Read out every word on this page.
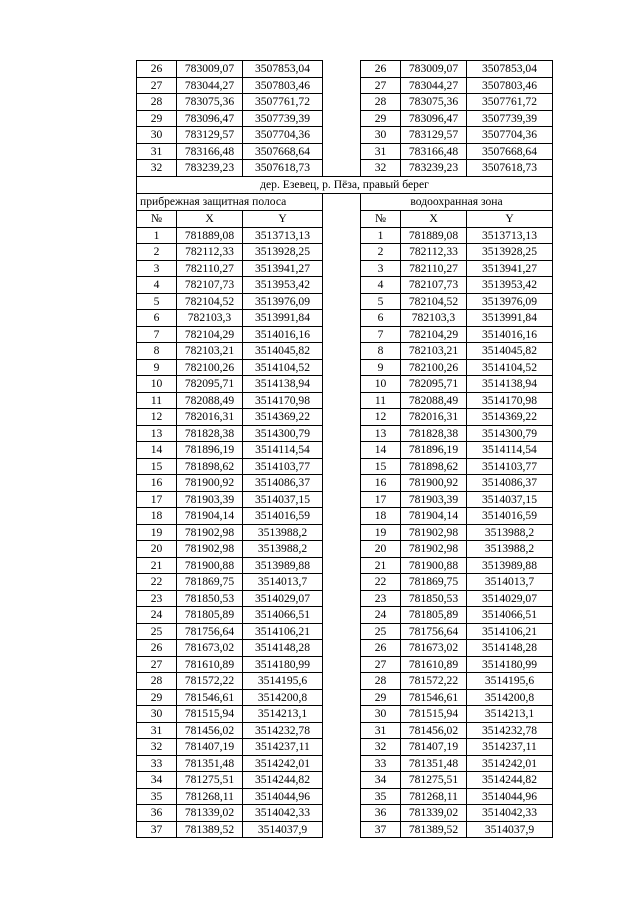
26	783009,07	3507853,04		26	783009,07	3507853,04
27	783044,27	3507803,46		27	783044,27	3507803,46
28	783075,36	3507761,72		28	783075,36	3507761,72
29	783096,47	3507739,39		29	783096,47	3507739,39
30	783129,57	3507704,36		30	783129,57	3507704,36
31	783166,48	3507668,64		31	783166,48	3507668,64
32	783239,23	3507618,73		32	783239,23	3507618,73
дер. Езевец, р. Пёза, правый берег						
прибрежная защитная полоса				водоохранная зона		
№	X	Y		№	X	Y
1	781889,08	3513713,13		1	781889,08	3513713,13
2	782112,33	3513928,25		2	782112,33	3513928,25
3	782110,27	3513941,27		3	782110,27	3513941,27
4	782107,73	3513953,42		4	782107,73	3513953,42
5	782104,52	3513976,09		5	782104,52	3513976,09
6	782103,3	3513991,84		6	782103,3	3513991,84
7	782104,29	3514016,16		7	782104,29	3514016,16
8	782103,21	3514045,82		8	782103,21	3514045,82
9	782100,26	3514104,52		9	782100,26	3514104,52
10	782095,71	3514138,94		10	782095,71	3514138,94
11	782088,49	3514170,98		11	782088,49	3514170,98
12	782016,31	3514369,22		12	782016,31	3514369,22
13	781828,38	3514300,79		13	781828,38	3514300,79
14	781896,19	3514114,54		14	781896,19	3514114,54
15	781898,62	3514103,77		15	781898,62	3514103,77
16	781900,92	3514086,37		16	781900,92	3514086,37
17	781903,39	3514037,15		17	781903,39	3514037,15
18	781904,14	3514016,59		18	781904,14	3514016,59
19	781902,98	3513988,2		19	781902,98	3513988,2
20	781902,98	3513988,2		20	781902,98	3513988,2
21	781900,88	3513989,88		21	781900,88	3513989,88
22	781869,75	3514013,7		22	781869,75	3514013,7
23	781850,53	3514029,07		23	781850,53	3514029,07
24	781805,89	3514066,51		24	781805,89	3514066,51
25	781756,64	3514106,21		25	781756,64	3514106,21
26	781673,02	3514148,28		26	781673,02	3514148,28
27	781610,89	3514180,99		27	781610,89	3514180,99
28	781572,22	3514195,6		28	781572,22	3514195,6
29	781546,61	3514200,8		29	781546,61	3514200,8
30	781515,94	3514213,1		30	781515,94	3514213,1
31	781456,02	3514232,78		31	781456,02	3514232,78
32	781407,19	3514237,11		32	781407,19	3514237,11
33	781351,48	3514242,01		33	781351,48	3514242,01
34	781275,51	3514244,82		34	781275,51	3514244,82
35	781268,11	3514044,96		35	781268,11	3514044,96
36	781339,02	3514042,33		36	781339,02	3514042,33
37	781389,52	3514037,9		37	781389,52	3514037,9
